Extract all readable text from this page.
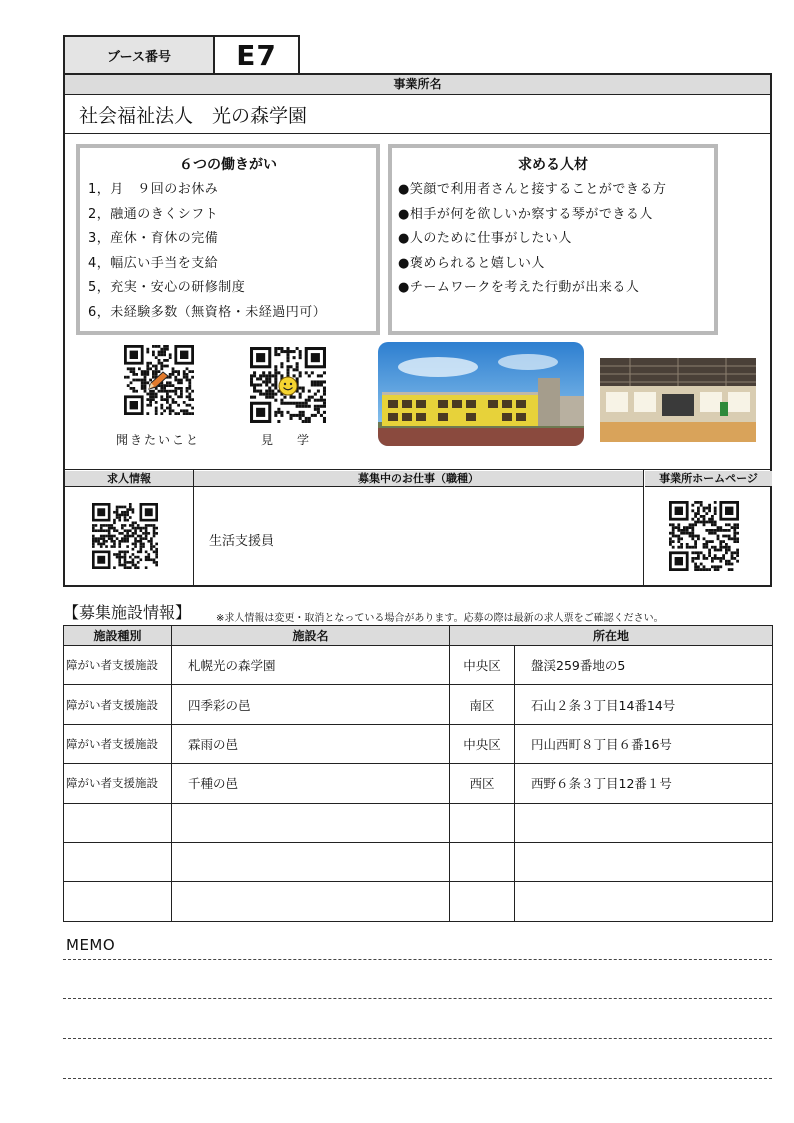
ブース番号	E7
事業所名
社会福祉法人　光の森学園
６つの働きがい
1，月　９回のお休み
2，融通のきくシフト
3，産休・育休の完備
4，幅広い手当を支給
5，充実・安心の研修制度
6，未経験多数（無資格・未経過円可）
求める人材
●笑顔で利用者さんと接することができる方
●相手が何を欲しいか察する琴ができる人
●人のために仕事がしたい人
●褒められると嬉しい人
●チームワークを考えた行動が出来る人
聞きたいこと	見　学
求人情報	募集中のお仕事（職種）	事業所ホームページ
生活支援員
【募集施設情報】 ※求人情報は変更・取消となっている場合があります。応募の際は最新の求人票をご確認ください。
施設種別	施設名	所在地	
障がい者支援施設	札幌光の森学園	中央区	盤渓259番地の5
障がい者支援施設	四季彩の邑	南区	石山２条３丁目14番14号
障がい者支援施設	霖雨の邑	中央区	円山西町８丁目６番16号
障がい者支援施設	千種の邑	西区	西野６条３丁目12番１号

MEMO
